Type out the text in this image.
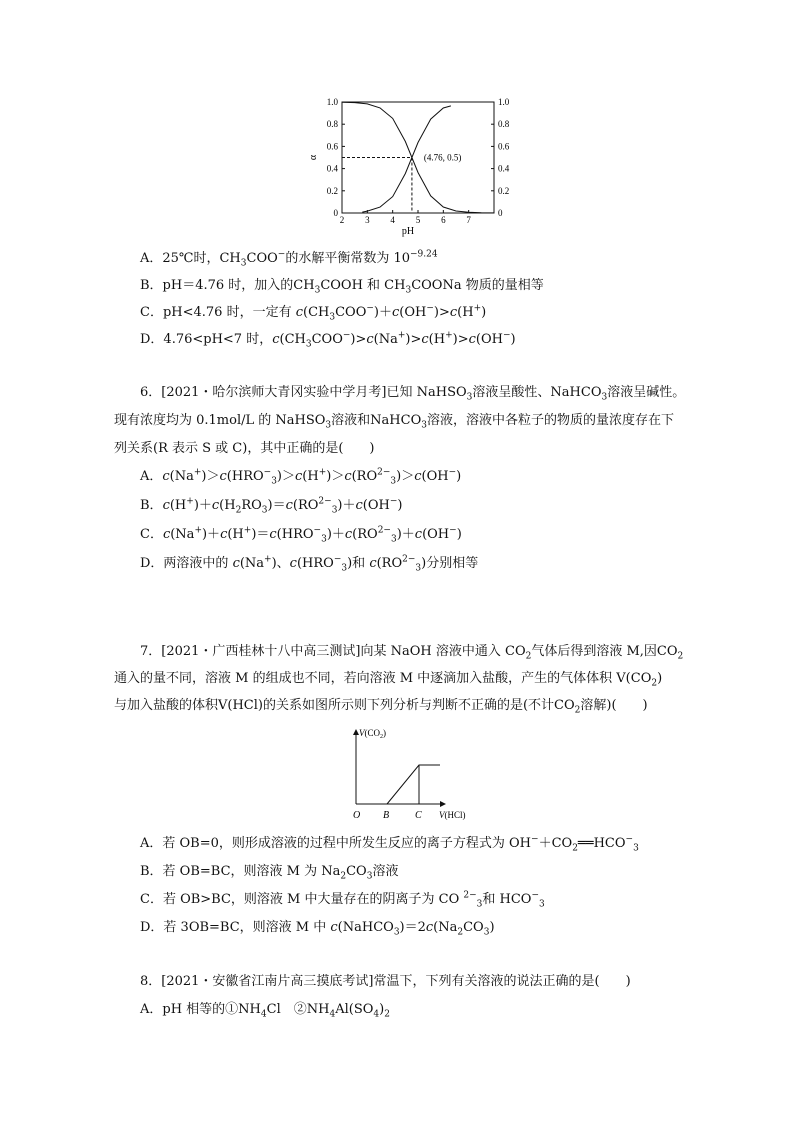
2 3 4 5 6 7
0
0.2
0.4
0.6
0.8
1.0
0
0.2
0.4
0.6
0.8
1.0
(4.76, 0.5)
pH
α
A．25℃时，$CH_3COO^-$的水解平衡常数为 $10^{-9.24}$
B．pH＝4.76 时，加入的$CH_3COOH$ 和 $CH_3COONa$ 物质的量相等
C．pH<4.76 时，一定有 $c(CH_3COO^-)+c(OH^-)>c(H^+)$
D．4.76<pH<7 时，$c(CH_3COO^-)>c(Na^+)>c(H^+)>c(OH^-)$
6．[2021・哈尔滨师大青冈实验中学月考]已知 NaHSO$_3$溶液呈酸性、NaHCO$_3$溶液呈碱性。
现有浓度均为 0.1mol/L 的 NaHSO$_3$溶液和NaHCO$_3$溶液，溶液中各粒子的物质的量浓度存在下
列关系(R 表示 S 或 C)，其中正确的是(　　)
A．$c(Na^+)>c(HRO^-_3)>c(H^+)>c(RO^{2-}_3)>c(OH^-)$
B．$c(H^+)+c(H_2RO_3)=c(RO^{2-}_3)+c(OH^-)$
C．$c(Na^+)+c(H^+)=c(HRO^-_3)+c(RO^{2-}_3)+c(OH^-)$
D．两溶液中的 c(Na+)、$c(HRO^-_3)$和 $c(RO^{2-}_3)$分别相等
7．[2021・广西桂林十八中高三测试]向某 NaOH 溶液中通入 $CO_2$气体后得到溶液 M,因$CO_2$
通入的量不同，溶液 M 的组成也不同，若向溶液 M 中逐滴加入盐酸，产生的气体体积 $V(CO_2)$
与加入盐酸的体积V(HCl)的关系如图所示则下列分析与判断不正确的是(不计$CO_2$溶解)(　　)
$V(CO_2)$
O B	C V(HCl)
A．若 OB=0，则形成溶液的过程中所发生反应的离子方程式为 $OH^-+CO_2══HCO^-_3$
B．若 OB=BC，则溶液 M 为 $Na_2CO_3$溶液
C．若 OB>BC，则溶液 M 中大量存在的阴离子为 CO $^{2-}_3$和 $HCO^-_3$
D．若 3OB=BC，则溶液 M 中 $c(NaHCO_3)=2c(Na_2CO_3)$
8．[2021・安徽省江南片高三摸底考试]常温下，下列有关溶液的说法正确的是(　　)
A．pH 相等的$①NH_4Cl$　$②NH_4Al(SO_4)_2$
